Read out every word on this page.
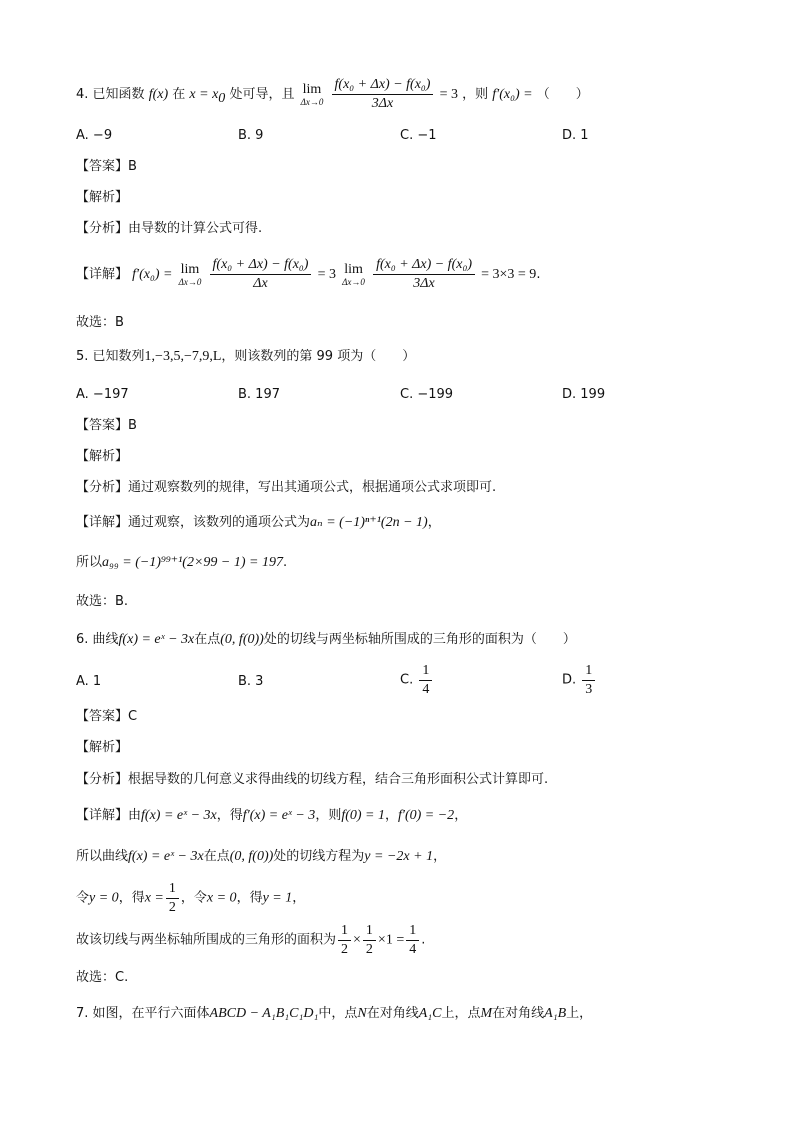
4. 已知函数 f(x) 在 $x = x_0$ 处可导，且 lim
Δx→0
$\frac{\text{f(x₀ + Δx) − f(x₀)}}{3\Delta x} = 3$ ，则 f′(x₀) = （　　）
A. −9	B. 9	C. −1	D. 1
【答案】B
【解析】
【分析】由导数的计算公式可得.
【详解】 f′(x₀) = lim
Δx→0
$\frac{\text{f(x₀ + Δx) − f(x₀)}}{\Delta x} = 3$ lim
Δx→0
$\frac{\text{f(x₀ + Δx) − f(x₀)}}{3\Delta x} = 3\times 3 = 9$.
故选：B
5. 已知数列1,−3,5,−7,9,L，则该数列的第 99 项为（　　）
A. −197	B. 197	C. −199	D. 199
【答案】B
【解析】
【分析】通过观察数列的规律，写出其通项公式，根据通项公式求项即可.
【详解】通过观察，该数列的通项公式为aₙ = (−1)ⁿ⁺¹(2n − 1)，
所以a₉₉ = (−1)⁹⁹⁺¹(2×99 − 1) = 197.
故选：B.
6. 曲线f(x) = eˣ − 3x在点(0, f(0))处的切线与两坐标轴所围成的三角形的面积为（　　）
A. 1	B. 3	C. $\frac{1}{4}$	D. $\frac{1}{3}$
【答案】C
【解析】
【分析】根据导数的几何意义求得曲线的切线方程，结合三角形面积公式计算即可.
【详解】由f(x) = eˣ − 3x，得f′(x) = eˣ − 3，则f(0) = 1，f′(0) = −2，
所以曲线f(x) = eˣ − 3x在点(0, f(0))处的切线方程为y = −2x + 1，
令y = 0，得$x = \frac{1}{2}$ ，令x = 0，得y = 1，
故该切线与两坐标轴所围成的三角形的面积为 $\frac{1}{2} \times \frac{1}{2} \times 1 = \frac{1}{4}$ .
故选：C.
7. 如图，在平行六面体ABCD − A₁B₁C₁D₁中，点N在对角线A₁C上，点M在对角线A₁B上，
